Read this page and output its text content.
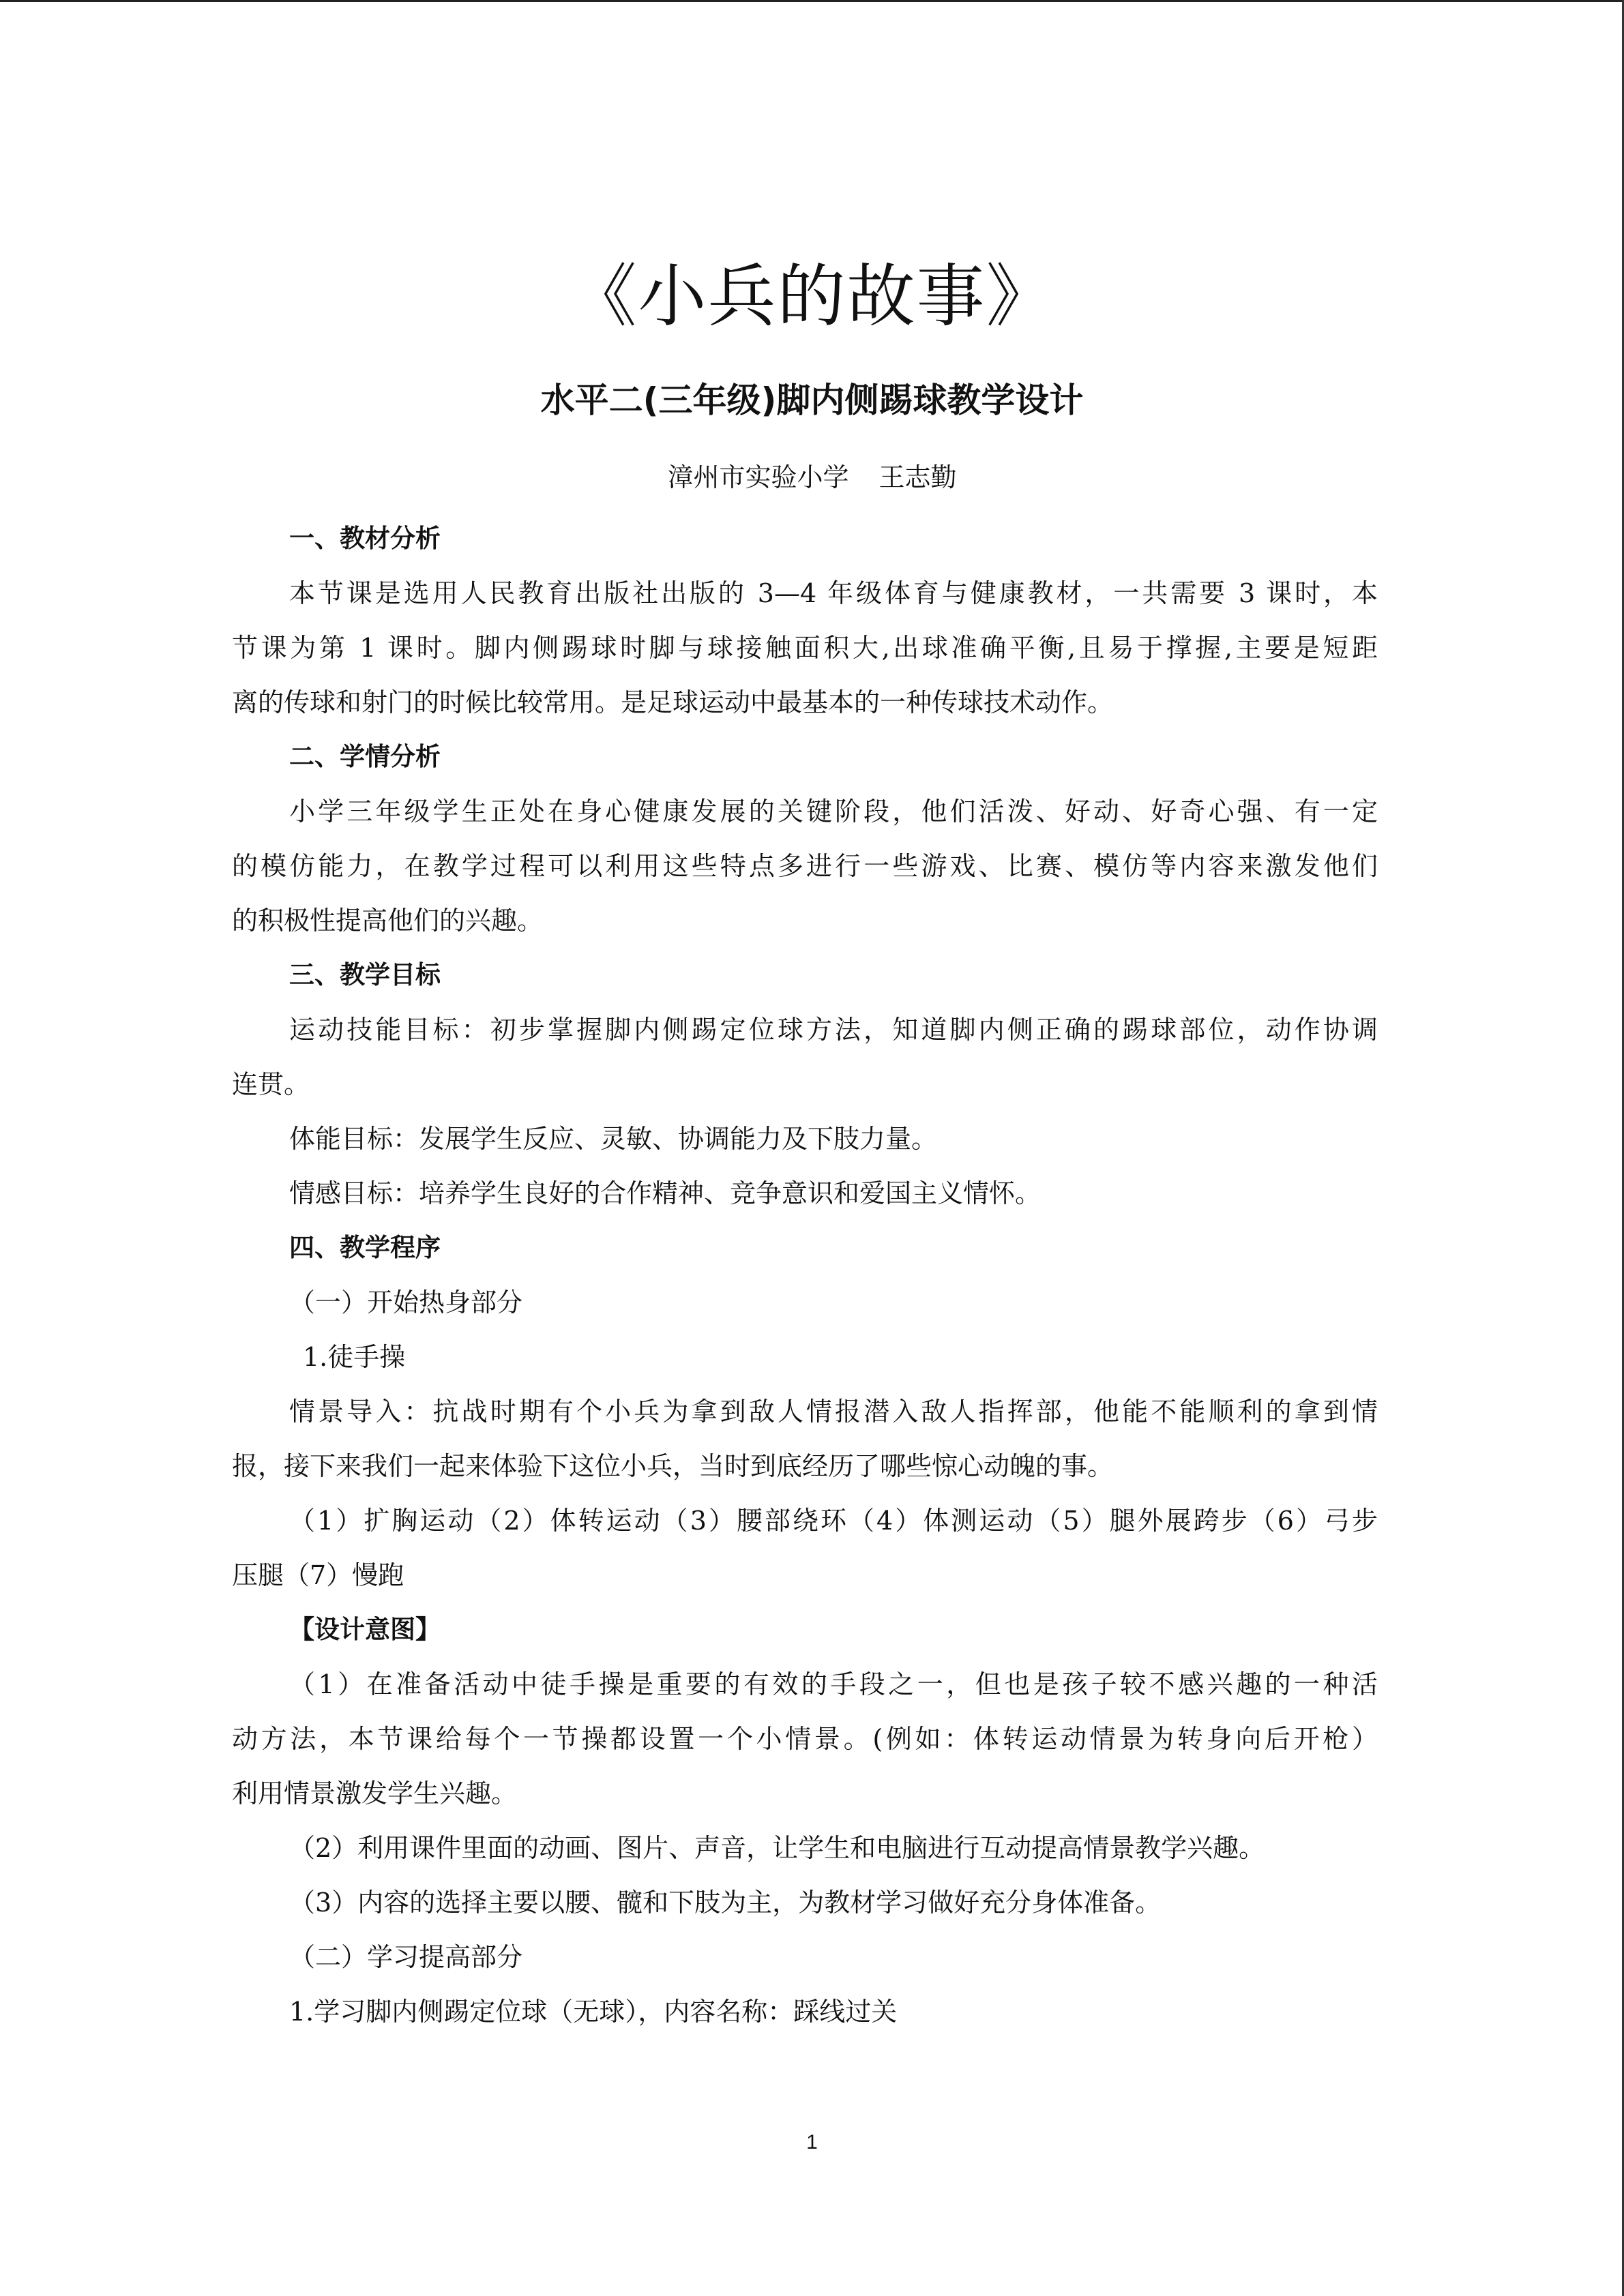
《小兵的故事》
水平二(三年级)脚内侧踢球教学设计
漳州市实验小学 王志勤
一、教材分析
本节课是选用人民教育出版社出版的 3—4 年级体育与健康教材，一共需要 3 课时，本
节课为第 1 课时。脚内侧踢球时脚与球接触面积大,出球准确平衡,且易于撑握,主要是短距
离的传球和射门的时候比较常用。是足球运动中最基本的一种传球技术动作。
二、学情分析
小学三年级学生正处在身心健康发展的关键阶段，他们活泼、好动、好奇心强、有一定
的模仿能力，在教学过程可以利用这些特点多进行一些游戏、比赛、模仿等内容来激发他们
的积极性提高他们的兴趣。
三、教学目标
运动技能目标：初步掌握脚内侧踢定位球方法，知道脚内侧正确的踢球部位，动作协调
连贯。
体能目标：发展学生反应、灵敏、协调能力及下肢力量。
情感目标：培养学生良好的合作精神、竞争意识和爱国主义情怀。
四、教学程序
（一）开始热身部分
1.徒手操
情景导入：抗战时期有个小兵为拿到敌人情报潜入敌人指挥部，他能不能顺利的拿到情
报，接下来我们一起来体验下这位小兵，当时到底经历了哪些惊心动魄的事。
（1）扩胸运动（2）体转运动（3）腰部绕环（4）体测运动（5）腿外展跨步（6）弓步
压腿（7）慢跑
【设计意图】
（1）在准备活动中徒手操是重要的有效的手段之一，但也是孩子较不感兴趣的一种活
动方法，本节课给每个一节操都设置一个小情景。(例如：体转运动情景为转身向后开枪）
利用情景激发学生兴趣。
（2）利用课件里面的动画、图片、声音，让学生和电脑进行互动提高情景教学兴趣。
（3）内容的选择主要以腰、髋和下肢为主，为教材学习做好充分身体准备。
（二）学习提高部分
1.学习脚内侧踢定位球（无球），内容名称：踩线过关
1
